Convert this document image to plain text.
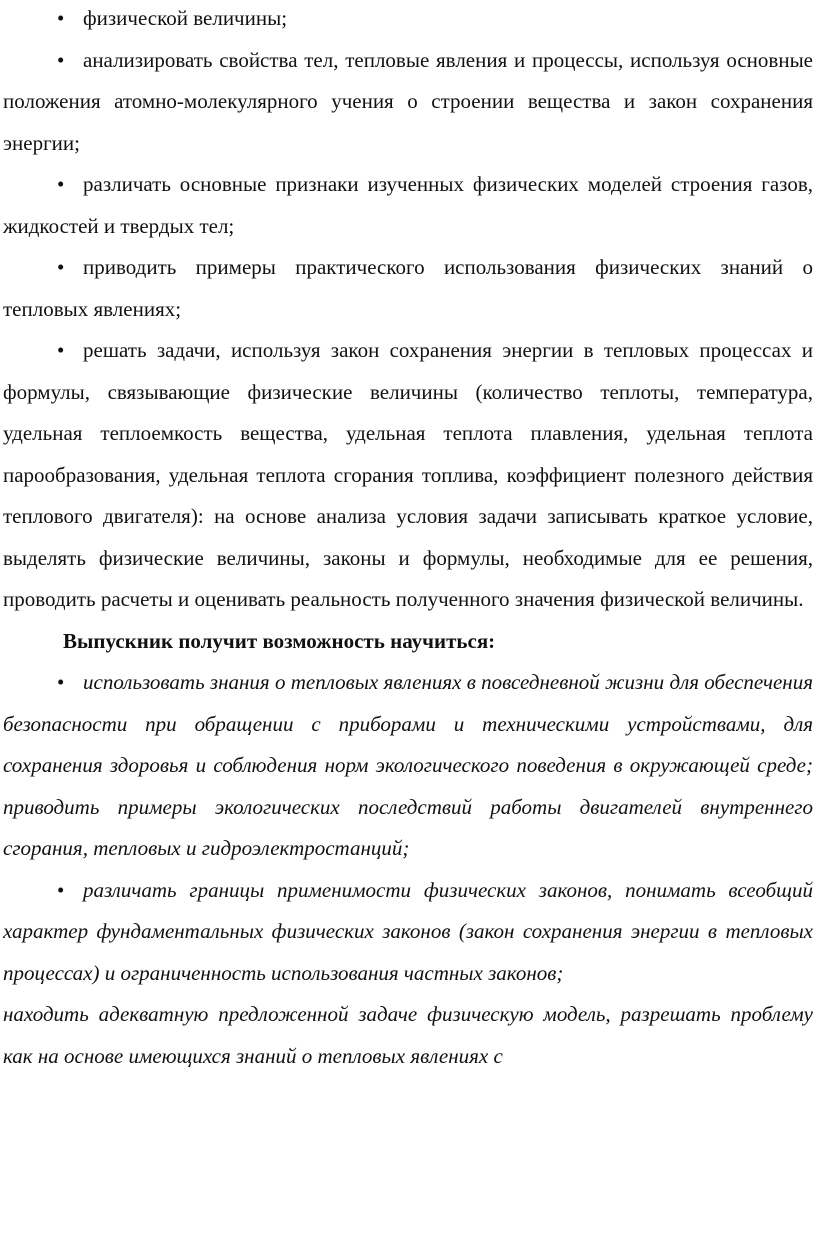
• физической величины;

• анализировать свойства тел, тепловые явления и процессы, используя основные положения атомно-молекулярного учения о строении вещества и закон сохранения энергии;

• различать основные признаки изученных физических моделей строения газов, жидкостей и твердых тел;

• приводить примеры практического использования физических знаний о тепловых явлениях;

• решать задачи, используя закон сохранения энергии в тепловых процессах и формулы, связывающие физические величины (количество теплоты, температура, удельная теплоемкость вещества, удельная теплота плавления, удельная теплота парообразования, удельная теплота сгорания топлива, коэффициент полезного действия теплового двигателя): на основе анализа условия задачи записывать краткое условие, выделять физические величины, законы и формулы, необходимые для ее решения, проводить расчеты и оценивать реальность полученного значения физической величины.

Выпускник получит возможность научиться:

• использовать знания о тепловых явлениях в повседневной жизни для обеспечения безопасности при обращении с приборами и техническими устройствами, для сохранения здоровья и соблюдения норм экологического поведения в окружающей среде; приводить примеры экологических последствий работы двигателей внутреннего сгорания, тепловых и гидроэлектростанций;

• различать границы применимости физических законов, понимать всеобщий характер фундаментальных физических законов (закон сохранения энергии в тепловых процессах) и ограниченность использования частных законов;

находить адекватную предложенной задаче физическую модель, разрешать проблему как на основе имеющихся знаний о тепловых явлениях с
